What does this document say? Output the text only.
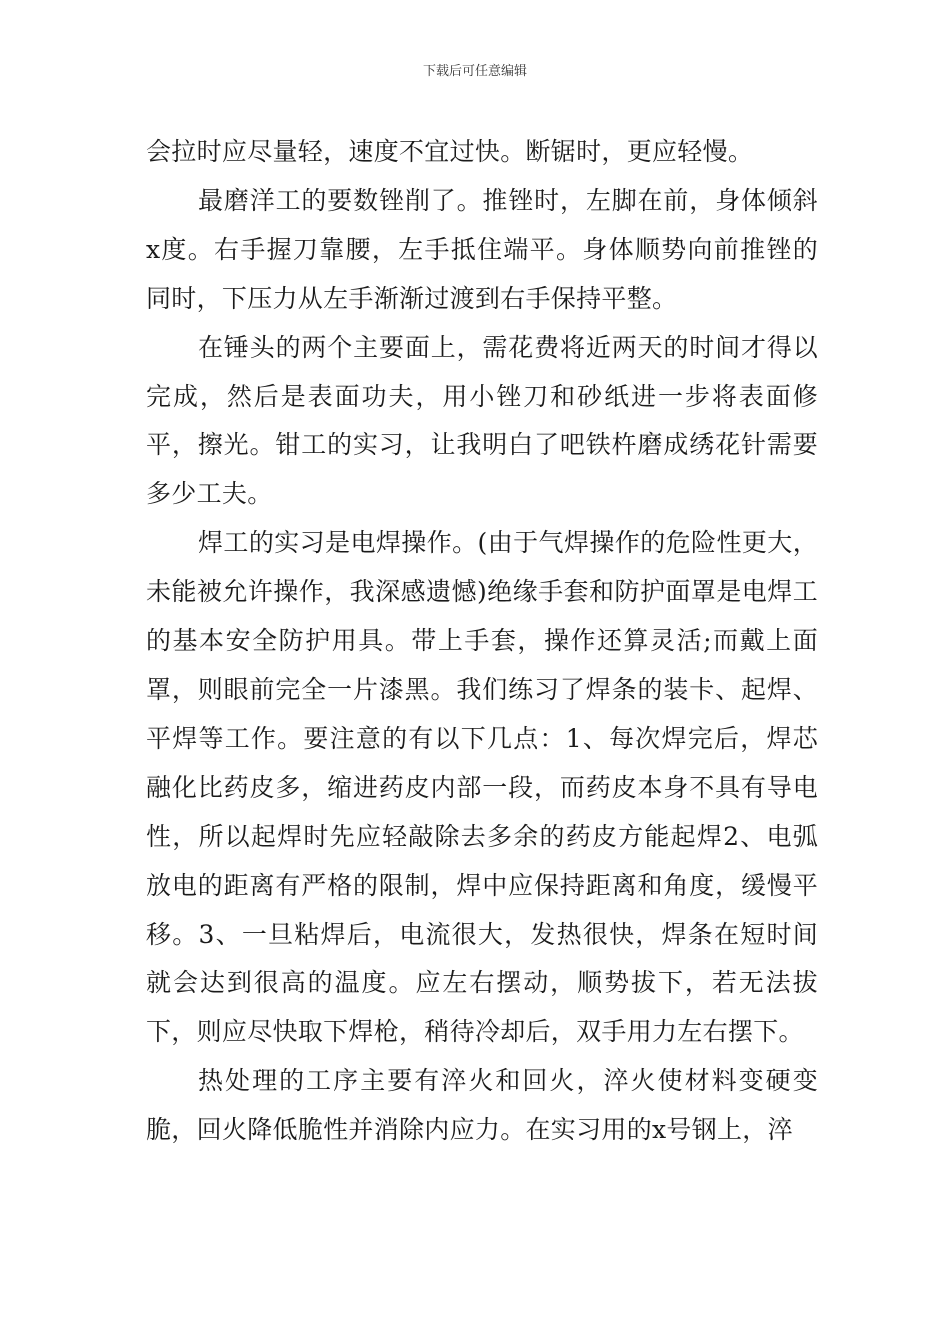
下载后可任意编辑

会拉时应尽量轻，速度不宜过快。断锯时，更应轻慢。

最磨洋工的要数锉削了。推锉时，左脚在前，身体倾斜x度。右手握刀靠腰，左手抵住端平。身体顺势向前推锉的同时，下压力从左手渐渐过渡到右手保持平整。

在锤头的两个主要面上，需花费将近两天的时间才得以完成，然后是表面功夫，用小锉刀和砂纸进一步将表面修平，擦光。钳工的实习，让我明白了吧铁杵磨成绣花针需要多少工夫。

焊工的实习是电焊操作。(由于气焊操作的危险性更大，未能被允许操作，我深感遗憾)绝缘手套和防护面罩是电焊工的基本安全防护用具。带上手套，操作还算灵活;而戴上面罩，则眼前完全一片漆黑。我们练习了焊条的装卡、起焊、平焊等工作。要注意的有以下几点：1、每次焊完后，焊芯融化比药皮多，缩进药皮内部一段，而药皮本身不具有导电性，所以起焊时先应轻敲除去多余的药皮方能起焊2、电弧放电的距离有严格的限制，焊中应保持距离和角度，缓慢平移。3、一旦粘焊后，电流很大，发热很快，焊条在短时间就会达到很高的温度。应左右摆动，顺势拔下，若无法拔下，则应尽快取下焊枪，稍待冷却后，双手用力左右摆下。

热处理的工序主要有淬火和回火，淬火使材料变硬变脆，回火降低脆性并消除内应力。在实习用的x号钢上，淬
